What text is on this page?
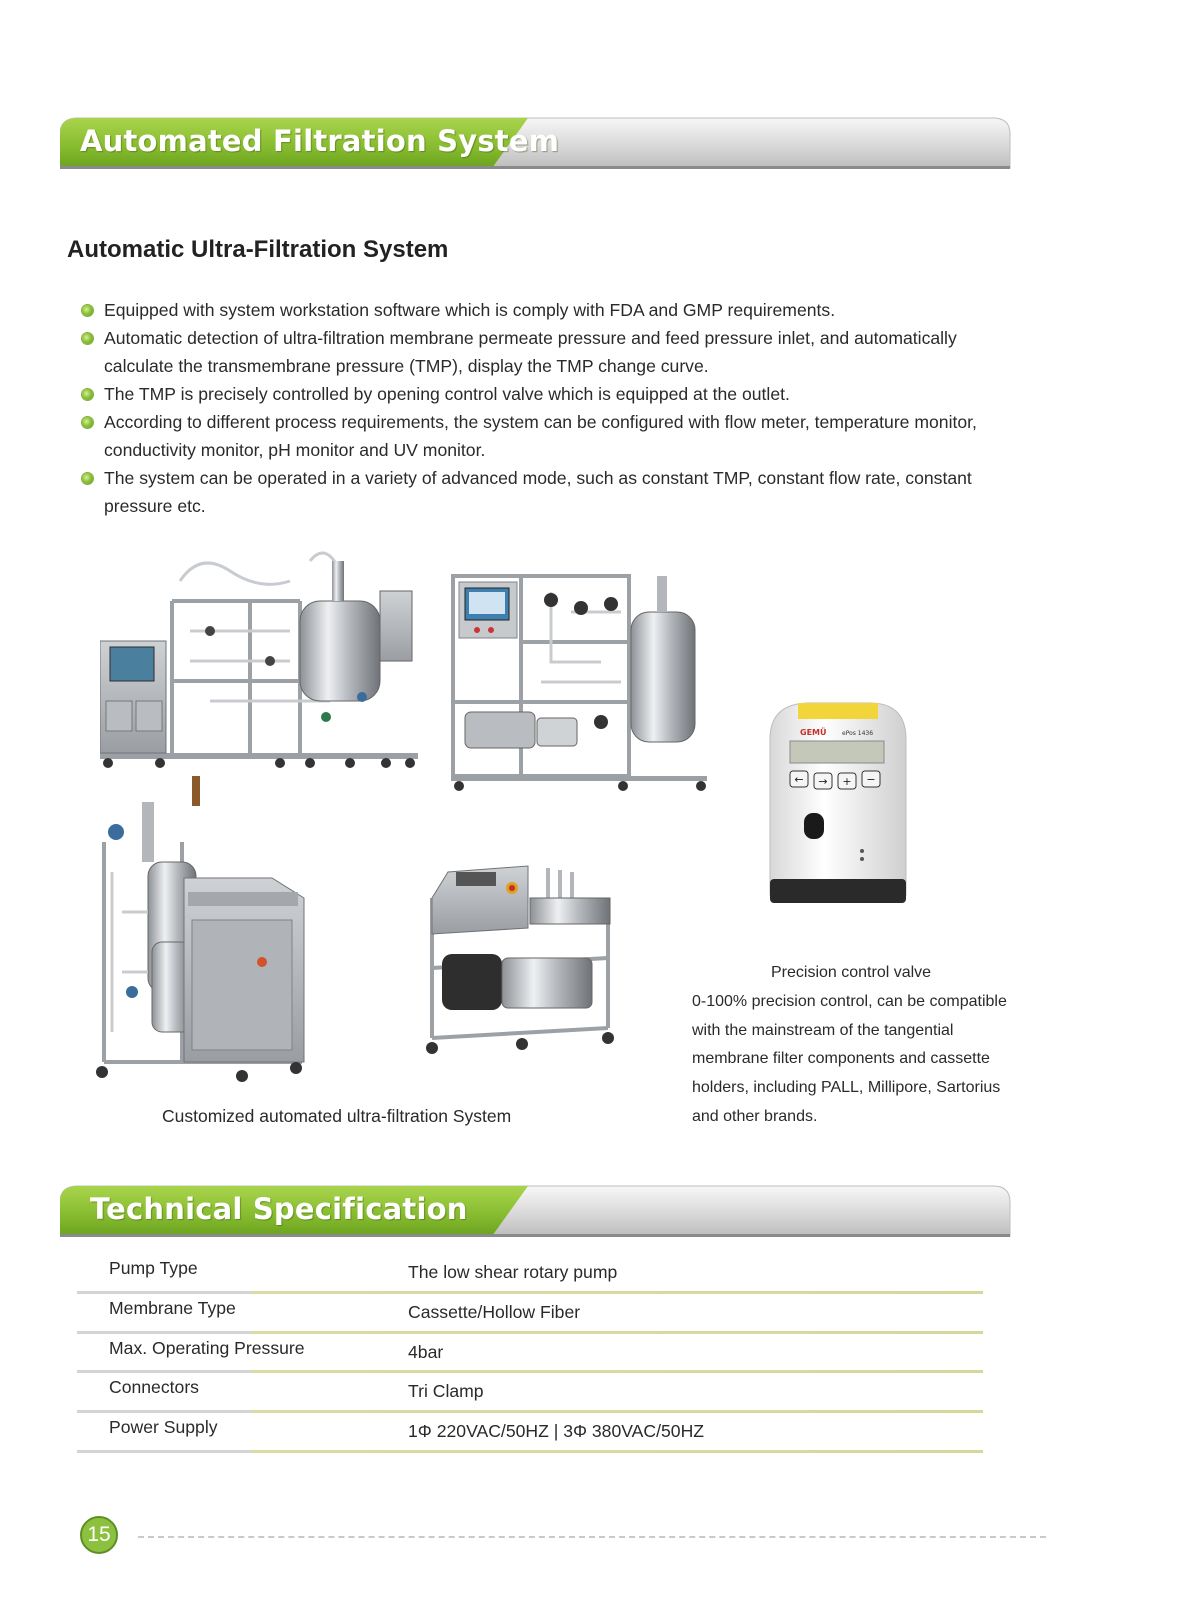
Automated Filtration System
Automatic Ultra-Filtration System
Equipped with system workstation software which is comply with FDA and GMP requirements.
Automatic detection of ultra-filtration membrane permeate pressure and feed pressure inlet, and automatically calculate the transmembrane pressure (TMP), display the TMP change curve.
The TMP is precisely controlled by opening control valve which is equipped at the outlet.
According to different process requirements, the system can be configured with flow meter, temperature monitor, conductivity monitor, pH monitor and UV monitor.
The system can be operated in a variety of advanced mode, such as constant TMP, constant flow rate, constant pressure etc.
GEMÜ	ePos 1436
← → + −
Customized automated ultra-filtration System
Precision control valve
0-100% precision control, can be compatible with the mainstream of the tangential membrane filter components and cassette holders, including PALL, Millipore, Sartorius and other brands.
Technical Specification
Pump Type	The low shear rotary pump
Membrane Type	Cassette/Hollow Fiber
Max. Operating Pressure	4bar
Connectors	Tri Clamp
Power Supply	1Φ 220VAC/50HZ | 3Φ 380VAC/50HZ
15
